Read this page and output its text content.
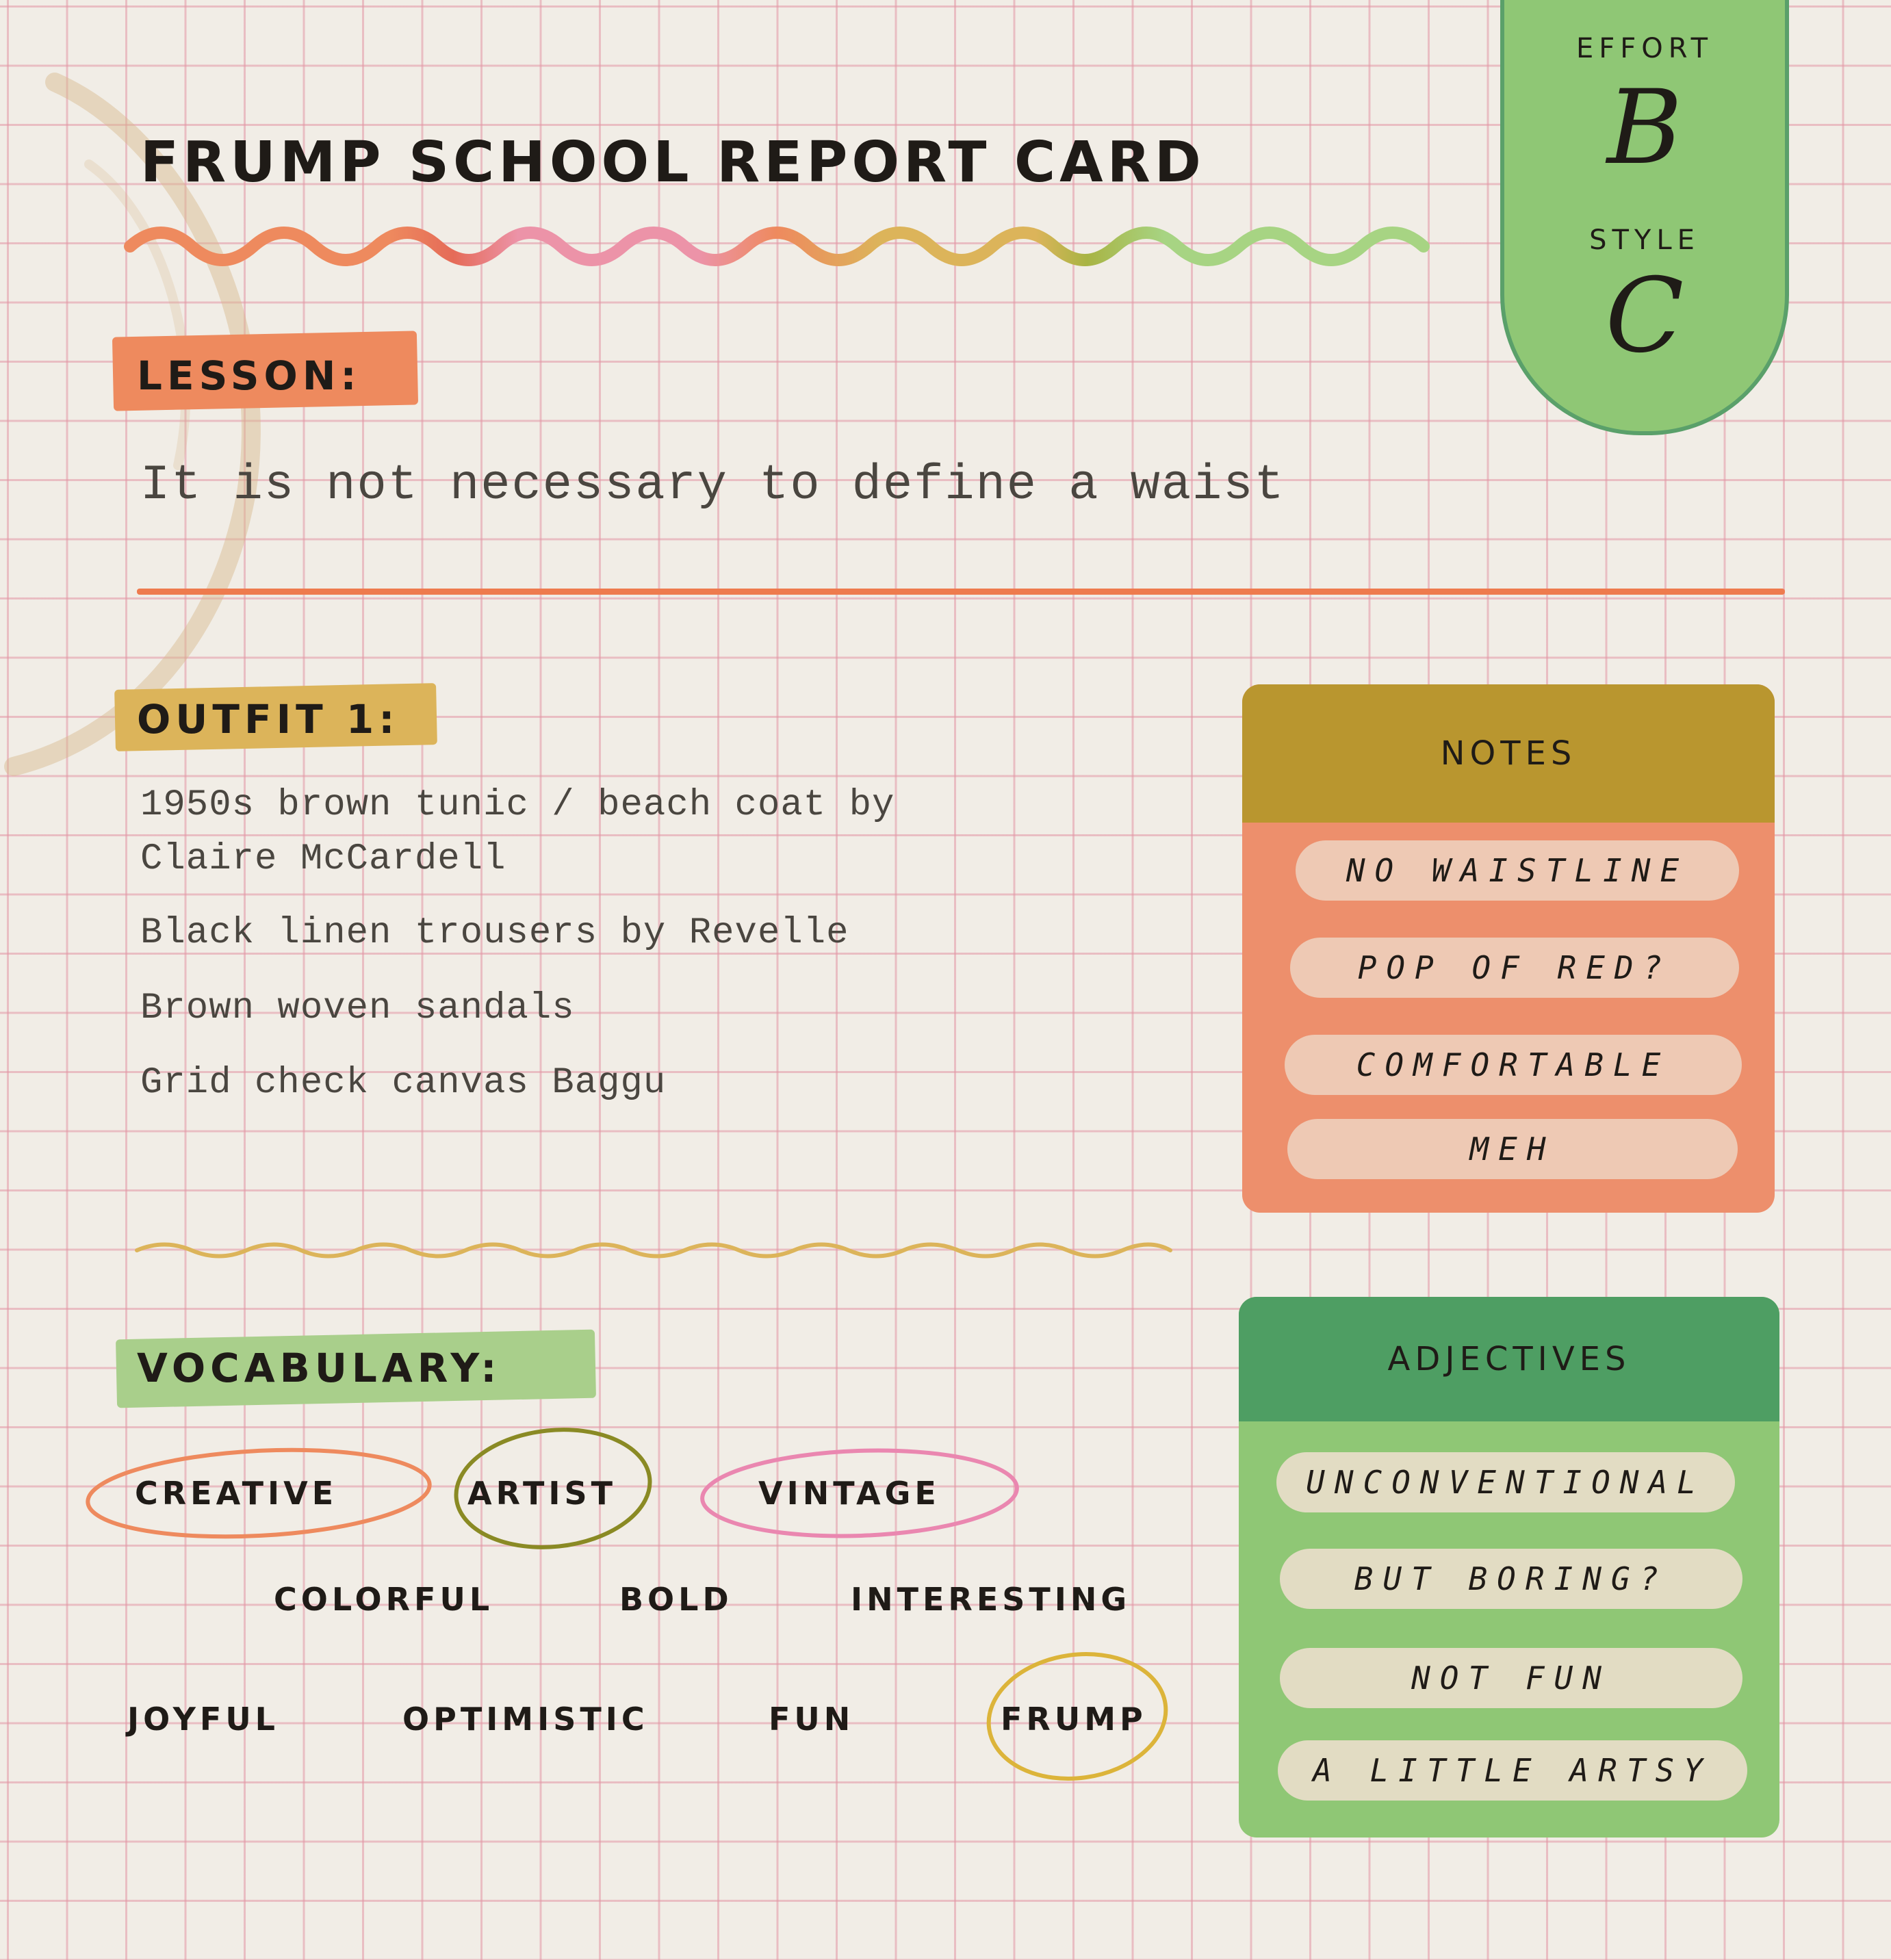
FRUMP SCHOOL REPORT CARD
EFFORT
B
STYLE
C
LESSON:
It is not necessary to define a waist
OUTFIT 1:
1950s brown tunic / beach coat by
Claire McCardell
Black linen trousers by Revelle
Brown woven sandals
Grid check canvas Baggu
NOTES
NO WAISTLINE
POP OF RED?
COMFORTABLE
MEH
VOCABULARY:
CREATIVE	ARTIST	VINTAGE
COLORFUL	BOLD	INTERESTING
JOYFUL	OPTIMISTIC	FUN	FRUMP
ADJECTIVES
UNCONVENTIONAL
BUT BORING?
NOT FUN
A LITTLE ARTSY
